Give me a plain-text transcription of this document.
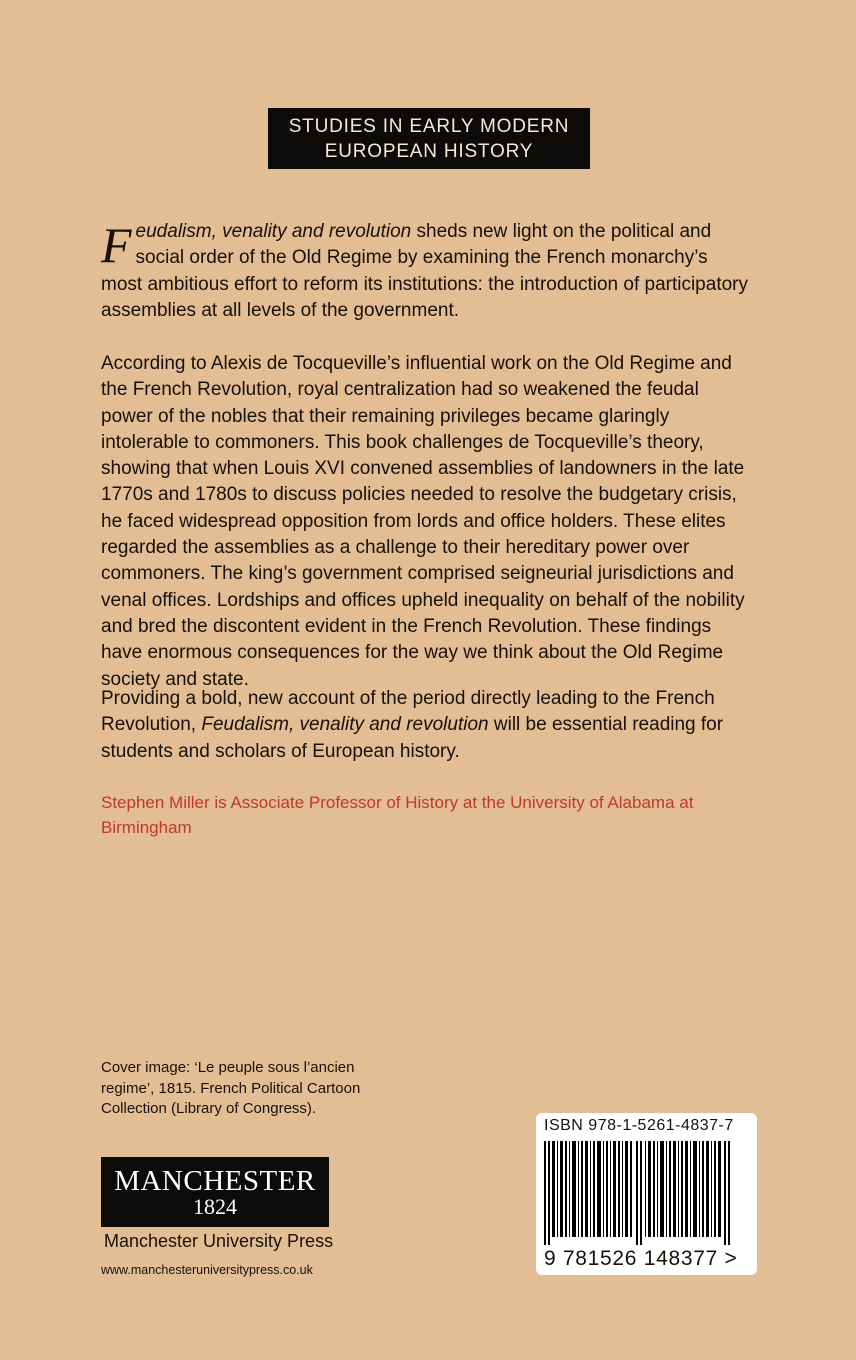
STUDIES IN EARLY MODERN
EUROPEAN HISTORY
Feudalism, venality and revolution sheds new light on the political and social order of the Old Regime by examining the French monarchy’s most ambitious effort to reform its institutions: the introduction of participatory assemblies at all levels of the government.
According to Alexis de Tocqueville’s influential work on the Old Regime and the French Revolution, royal centralization had so weakened the feudal power of the nobles that their remaining privileges became glaringly intolerable to commoners. This book challenges de Tocqueville’s theory, showing that when Louis XVI convened assemblies of landowners in the late 1770s and 1780s to discuss policies needed to resolve the budgetary crisis, he faced widespread opposition from lords and office holders. These elites regarded the assemblies as a challenge to their hereditary power over commoners. The king’s government comprised seigneurial jurisdictions and venal offices. Lordships and offices upheld inequality on behalf of the nobility and bred the discontent evident in the French Revolution. These findings have enormous consequences for the way we think about the Old Regime society and state.
Providing a bold, new account of the period directly leading to the French Revolution, Feudalism, venality and revolution will be essential reading for students and scholars of European history.
Stephen Miller is Associate Professor of History at the University of Alabama at Birmingham
Cover image: ‘Le peuple sous l’ancien regime’, 1815. French Political Cartoon Collection (Library of Congress).
MANCHESTER
1824
Manchester University Press
www.manchesteruniversitypress.co.uk
ISBN 978-1-5261-4837-7
9 781526 148377 >
